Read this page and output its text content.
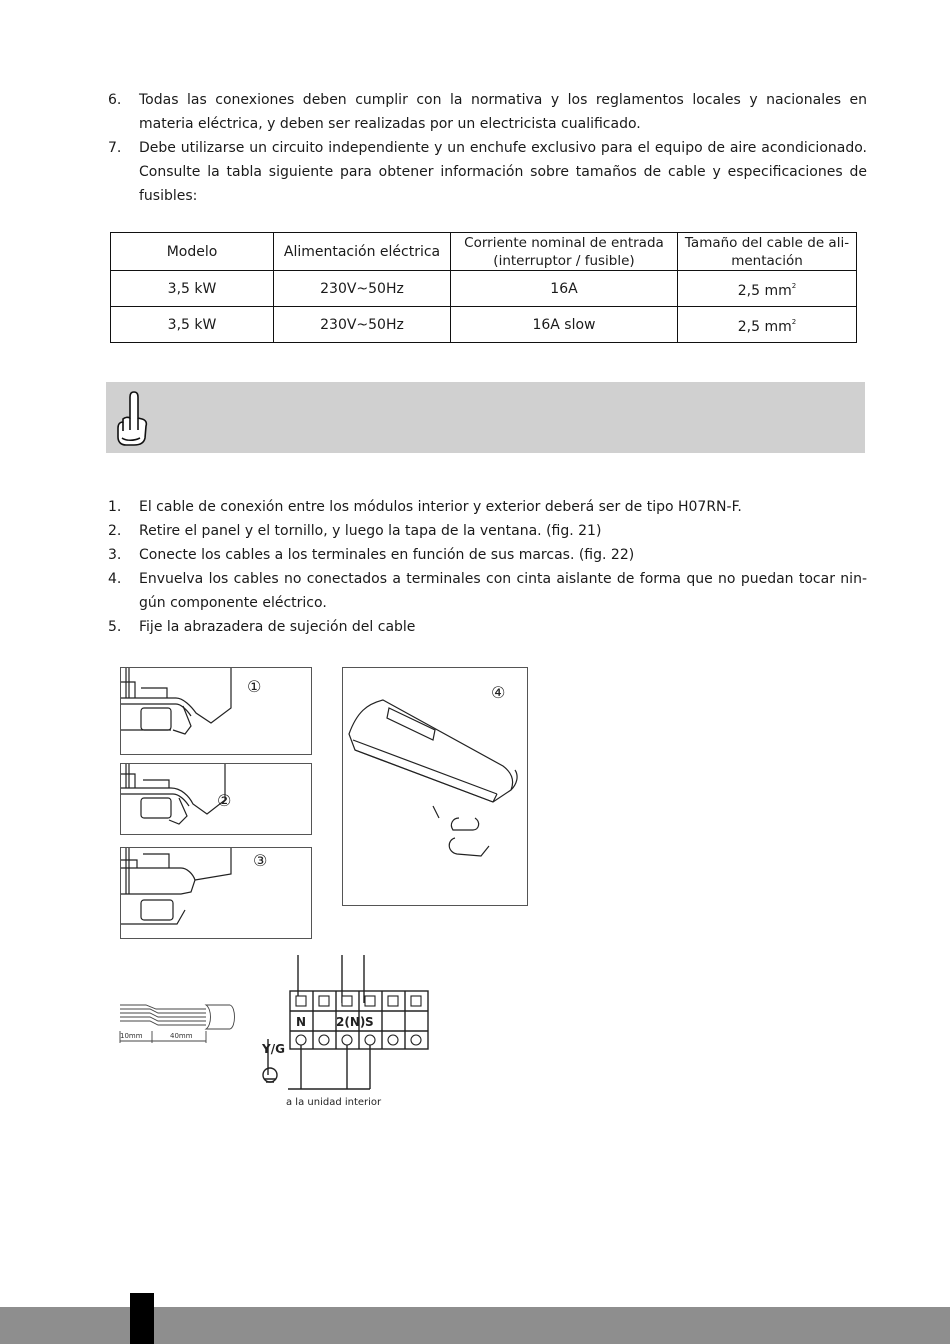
6. Todas las conexiones deben cumplir con la normativa y los reglamentos locales y nacionales en materia eléctrica, y deben ser realizadas por un electricista cualificado.
7. Debe utilizarse un circuito independiente y un enchufe exclusivo para el equipo de aire acondicionado. Consulte la tabla siguiente para obtener información sobre tamaños de cable y especificaciones de fusibles:
Modelo	Alimentación eléctrica	Corriente nominal de entrada (interruptor / fusible)	Tamaño del cable de ali-mentación
3,5 kW	230V~50Hz	16A	2,5 $mm^2$
3,5 kW	230V~50Hz	16A slow	2,5 $mm^2$
1. El cable de conexión entre los módulos interior y exterior deberá ser de tipo H07RN-F.
2. Retire el panel y el tornillo, y luego la tapa de la ventana. (fig. 21)
3. Conecte los cables a los terminales en función de sus marcas. (fig. 22)
4. Envuelva los cables no conectados a terminales con cinta aislante de forma que no puedan tocar nin-gún componente eléctrico.
5. Fije la abrazadera de sujeción del cable
①
②
③
④
10mm	40mm
N 2(N) S
Y/G
a la unidad interior
